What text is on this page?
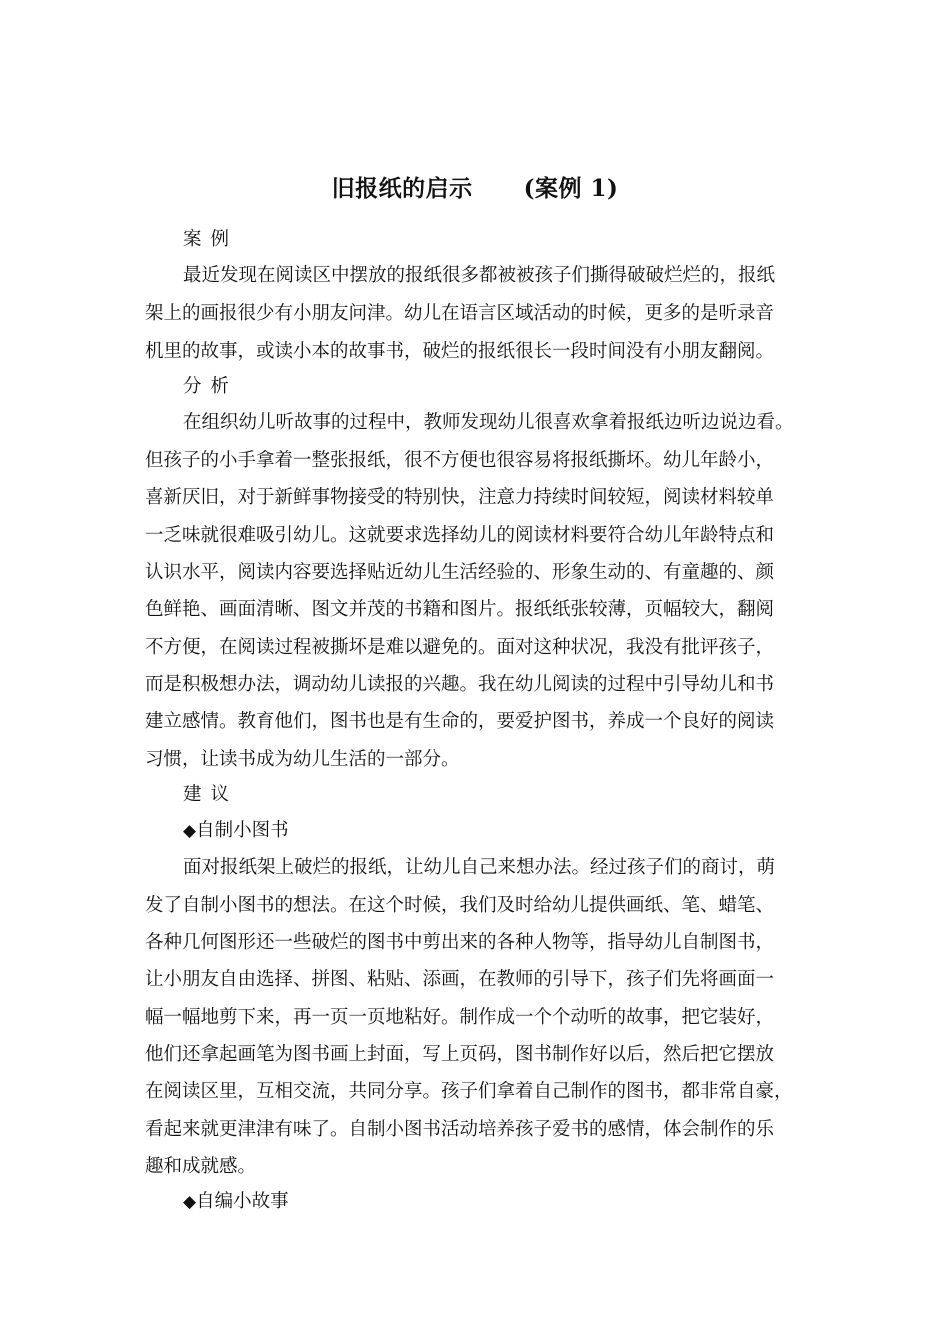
旧报纸的启示      (案例 1)
案例
最近发现在阅读区中摆放的报纸很多都被被孩子们撕得破破烂烂的，报纸
架上的画报很少有小朋友问津。幼儿在语言区域活动的时候，更多的是听录音
机里的故事，或读小本的故事书，破烂的报纸很长一段时间没有小朋友翻阅。
分析
在组织幼儿听故事的过程中，教师发现幼儿很喜欢拿着报纸边听边说边看。
但孩子的小手拿着一整张报纸，很不方便也很容易将报纸撕坏。幼儿年龄小，
喜新厌旧，对于新鲜事物接受的特别快，注意力持续时间较短，阅读材料较单
一乏味就很难吸引幼儿。这就要求选择幼儿的阅读材料要符合幼儿年龄特点和
认识水平，阅读内容要选择贴近幼儿生活经验的、形象生动的、有童趣的、颜
色鲜艳、画面清晰、图文并茂的书籍和图片。报纸纸张较薄，页幅较大，翻阅
不方便，在阅读过程被撕坏是难以避免的。面对这种状况，我没有批评孩子，
而是积极想办法，调动幼儿读报的兴趣。我在幼儿阅读的过程中引导幼儿和书
建立感情。教育他们，图书也是有生命的，要爱护图书，养成一个良好的阅读
习惯，让读书成为幼儿生活的一部分。
建议
◆自制小图书
面对报纸架上破烂的报纸，让幼儿自己来想办法。经过孩子们的商讨，萌
发了自制小图书的想法。在这个时候，我们及时给幼儿提供画纸、笔、蜡笔、
各种几何图形还一些破烂的图书中剪出来的各种人物等，指导幼儿自制图书，
让小朋友自由选择、拼图、粘贴、添画，在教师的引导下，孩子们先将画面一
幅一幅地剪下来，再一页一页地粘好。制作成一个个动听的故事，把它装好，
他们还拿起画笔为图书画上封面，写上页码，图书制作好以后，然后把它摆放
在阅读区里，互相交流，共同分享。孩子们拿着自己制作的图书，都非常自豪，
看起来就更津津有味了。自制小图书活动培养孩子爱书的感情，体会制作的乐
趣和成就感。
◆自编小故事
